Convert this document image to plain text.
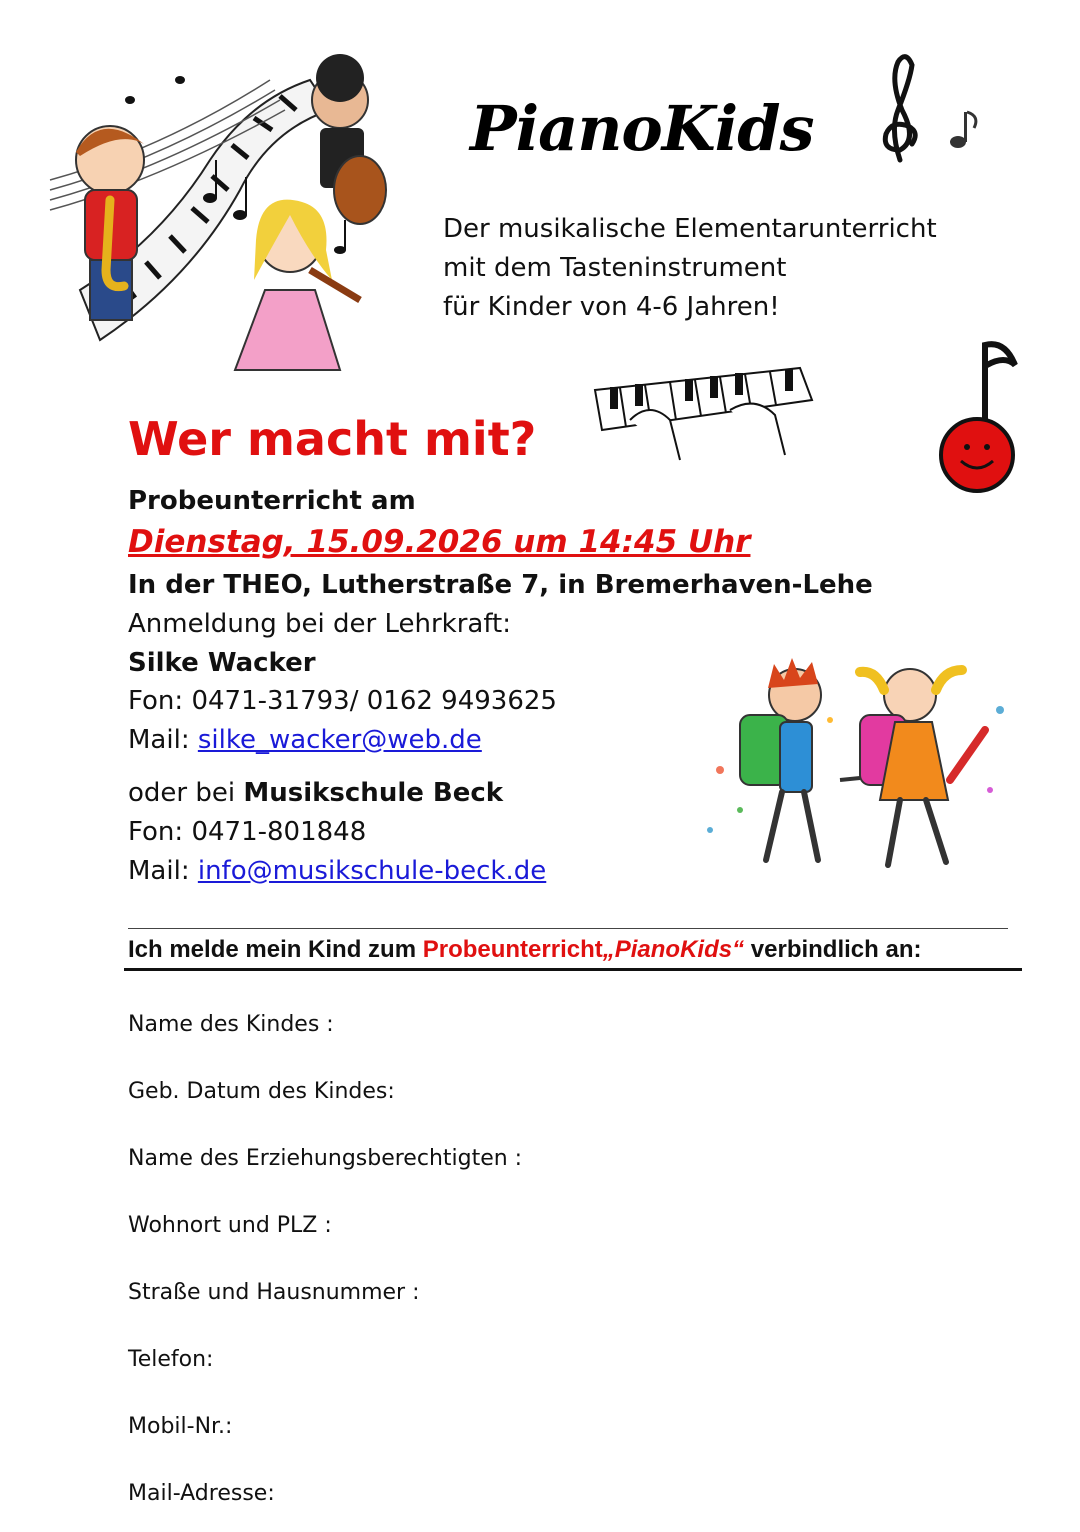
PianoKids
Der musikalische Elementarunterricht
mit dem Tasteninstrument
für Kinder von 4-6 Jahren!
Wer macht mit?
Probeunterricht am
Dienstag, 15.09.2026 um 14:45 Uhr
In der THEO, Lutherstraße 7, in Bremerhaven-Lehe
Anmeldung bei der Lehrkraft:
Silke Wacker
Fon: 0471-31793/ 0162 9493625
Mail: silke_wacker@web.de
oder bei Musikschule Beck
Fon: 0471-801848
Mail: info@musikschule-beck.de
Ich melde mein Kind zum Probeunterricht„PianoKids“ verbindlich an:
Name des Kindes :
Geb. Datum des Kindes:
Name des Erziehungsberechtigten :
Wohnort und PLZ :
Straße und Hausnummer :
Telefon:
Mobil-Nr.:
Mail-Adresse:
